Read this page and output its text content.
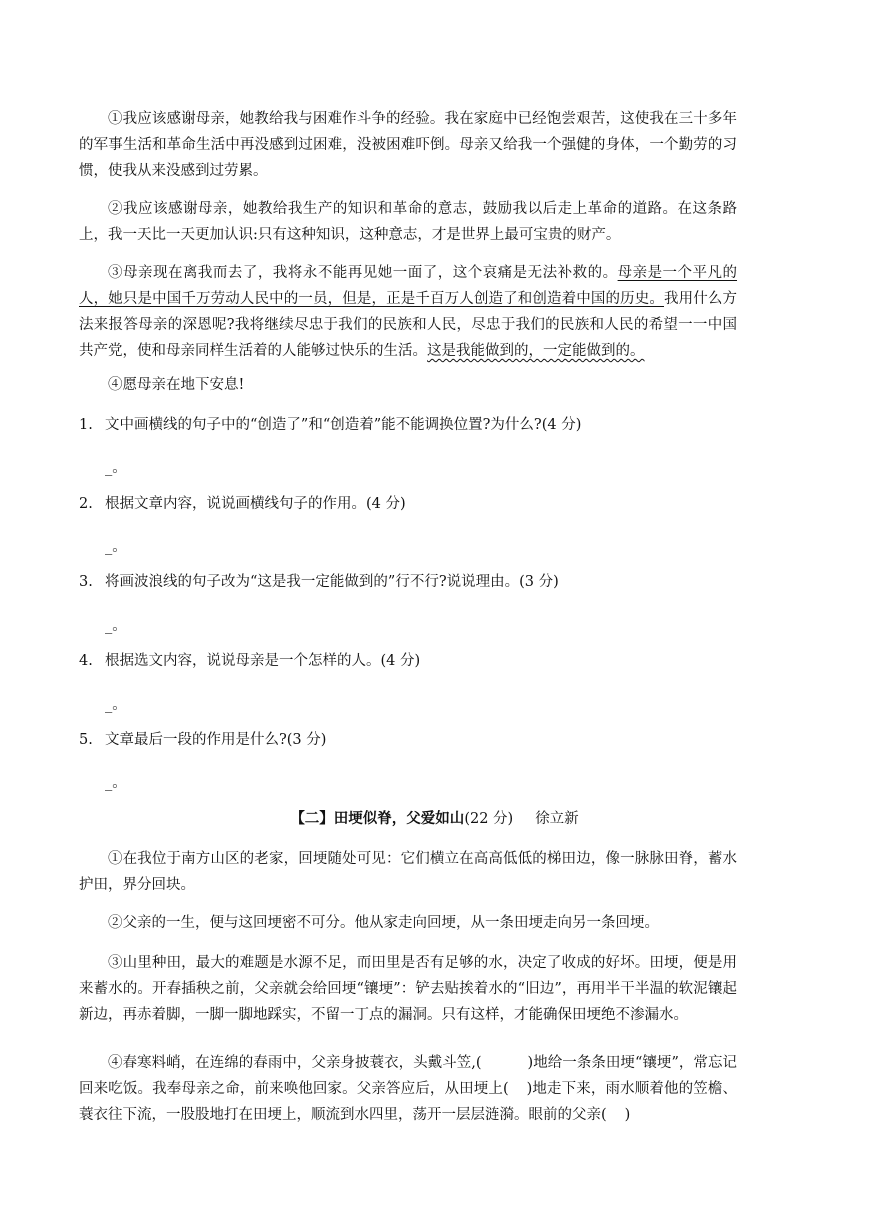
①我应该感谢母亲，她教给我与困难作斗争的经验。我在家庭中已经饱尝艰苦，这使我在三十多年的军事生活和革命生活中再没感到过困难，没被困难吓倒。母亲又给我一个强健的身体，一个勤劳的习惯，使我从来没感到过劳累。

②我应该感谢母亲，她教给我生产的知识和革命的意志，鼓励我以后走上革命的道路。在这条路上，我一天比一天更加认识:只有这种知识，这种意志，才是世界上最可宝贵的财产。

③母亲现在离我而去了，我将永不能再见她一面了，这个哀痛是无法补救的。母亲是一个平凡的人，她只是中国千万劳动人民中的一员，但是，正是千百万人创造了和创造着中国的历史。我用什么方法来报答母亲的深恩呢?我将继续尽忠于我们的民族和人民，尽忠于我们的民族和人民的希望一一中国共产党，使和母亲同样生活着的人能够过快乐的生活。这是我能做到的，一定能做到的。

④愿母亲在地下安息!

1. 文中画横线的句子中的“创造了”和“创造着”能不能调换位置?为什么?(4 分)
_。
2. 根据文章内容，说说画横线句子的作用。(4 分)
_。
3. 将画波浪线的句子改为“这是我一定能做到的”行不行?说说理由。(3 分)
_。
4. 根据选文内容，说说母亲是一个怎样的人。(4 分)
_。
5. 文章最后一段的作用是什么?(3 分)
_。
【二】田埂似脊，父爱如山(22 分) 徐立新

①在我位于南方山区的老家，回埂随处可见：它们横立在高高低低的梯田边，像一脉脉田脊，蓄水护田，界分回块。

②父亲的一生，便与这回埂密不可分。他从家走向回埂，从一条田埂走向另一条回埂。

③山里种田，最大的难题是水源不足，而田里是否有足够的水，决定了收成的好坏。田埂，便是用来蓄水的。开春插秧之前，父亲就会给回埂“镶埂”：铲去贴挨着水的“旧边”，再用半干半温的软泥镶起新边，再赤着脚，一脚一脚地踩实，不留一丁点的漏洞。只有这样，才能确保田埂绝不渗漏水。

④春寒料峭，在连绵的春雨中，父亲身披蓑衣，头戴斗笠,(	)地给一条条田埂“镶埂”，常忘记回来吃饭。我奉母亲之命，前来唤他回家。父亲答应后，从田埂上( )地走下来，雨水顺着他的笠檐、蓑衣往下流，一股股地打在田埂上，顺流到水四里，荡开一层层涟漪。眼前的父亲( )
